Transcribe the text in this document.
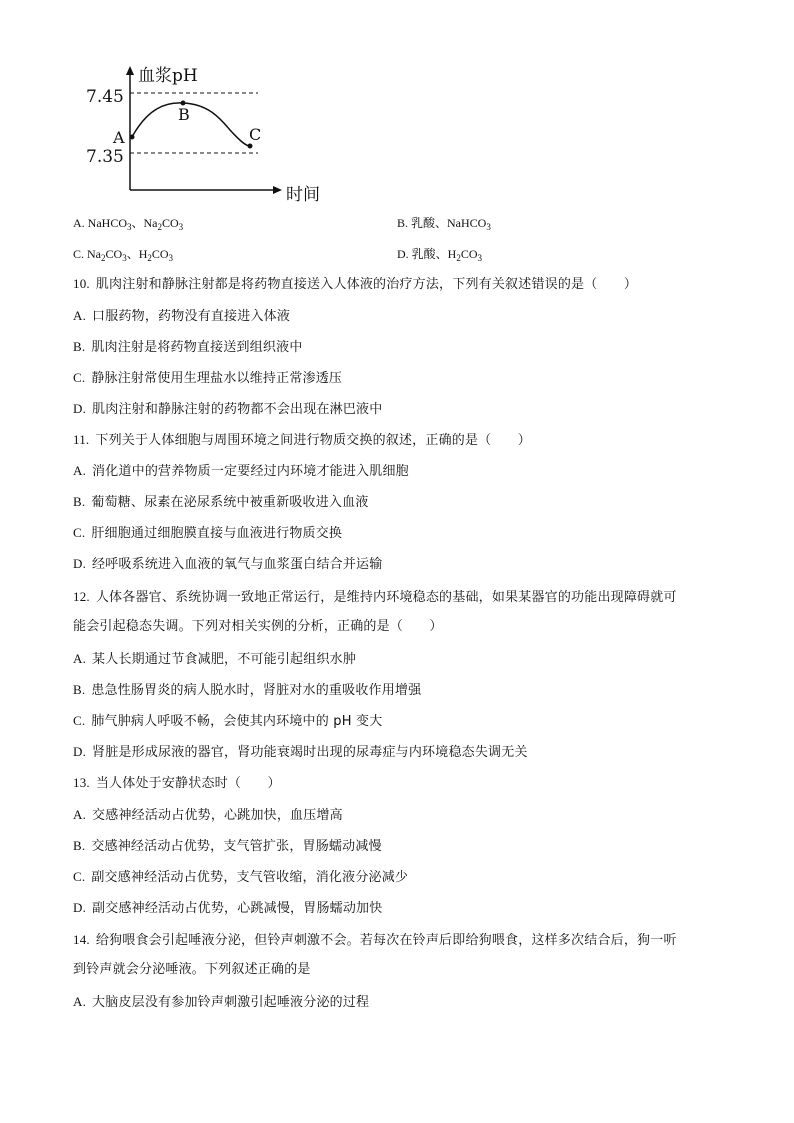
血浆pH
时间
7.45
7.35
A
B
C
A. NaHCO$_3$、$Na_2CO_3$	B. 乳酸、NaHCO$_3$
C. $Na_2CO_3$、$H_2CO_3$	D. 乳酸、$H_2CO_3$
10. 肌肉注射和静脉注射都是将药物直接送入人体液的治疗方法，下列有关叙述错误的是（　　）
A. 口服药物，药物没有直接进入体液
B. 肌肉注射是将药物直接送到组织液中
C. 静脉注射常使用生理盐水以维持正常渗透压
D. 肌肉注射和静脉注射的药物都不会出现在淋巴液中
11. 下列关于人体细胞与周围环境之间进行物质交换的叙述，正确的是（　　）
A. 消化道中的营养物质一定要经过内环境才能进入肌细胞
B. 葡萄糖、尿素在泌尿系统中被重新吸收进入血液
C. 肝细胞通过细胞膜直接与血液进行物质交换
D. 经呼吸系统进入血液的氧气与血浆蛋白结合并运输
12. 人体各器官、系统协调一致地正常运行，是维持内环境稳态的基础，如果某器官的功能出现障碍就可
能会引起稳态失调。下列对相关实例的分析，正确的是（　　）
A. 某人长期通过节食减肥，不可能引起组织水肿
B. 患急性肠胃炎的病人脱水时，肾脏对水的重吸收作用增强
C. 肺气肿病人呼吸不畅，会使其内环境中的 pH 变大
D. 肾脏是形成尿液的器官，肾功能衰竭时出现的尿毒症与内环境稳态失调无关
13. 当人体处于安静状态时（　　）
A. 交感神经活动占优势，心跳加快，血压增高
B. 交感神经活动占优势，支气管扩张，胃肠蠕动减慢
C. 副交感神经活动占优势，支气管收缩，消化液分泌减少
D. 副交感神经活动占优势，心跳减慢，胃肠蠕动加快
14. 给狗喂食会引起唾液分泌，但铃声刺激不会。若每次在铃声后即给狗喂食，这样多次结合后，狗一听
到铃声就会分泌唾液。下列叙述正确的是
A. 大脑皮层没有参加铃声刺激引起唾液分泌的过程
